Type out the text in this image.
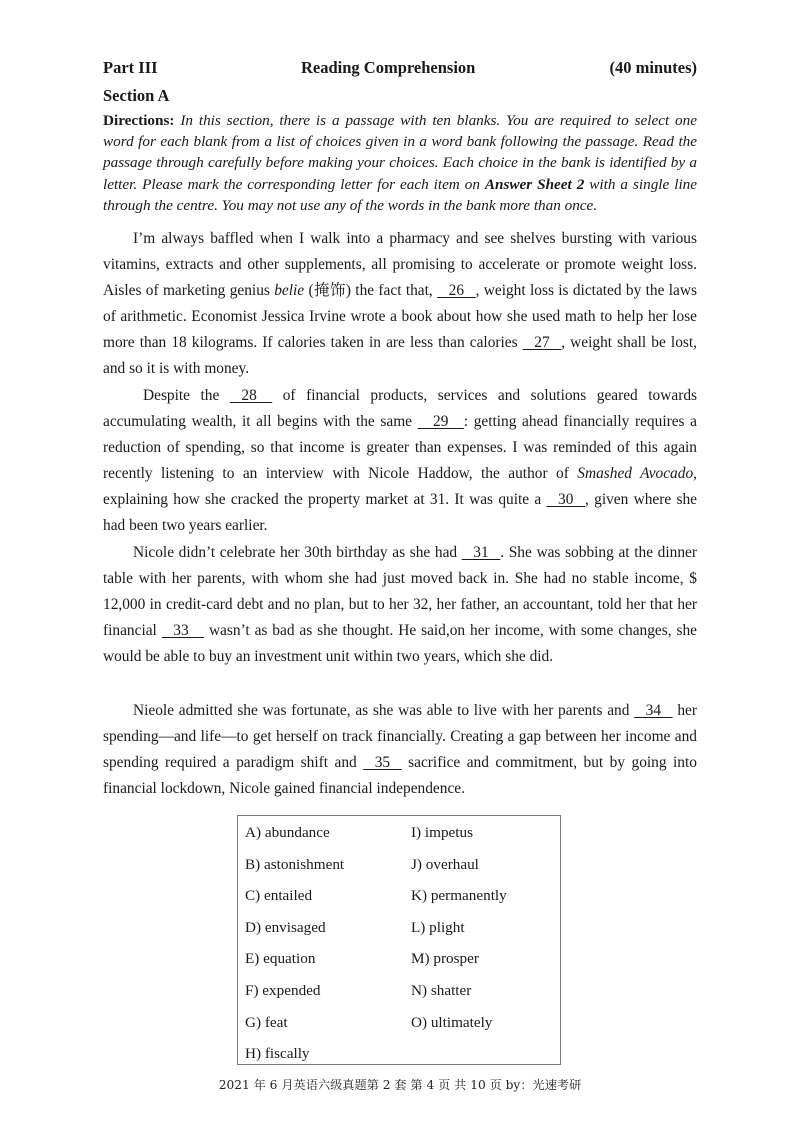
Part III	Reading Comprehension	(40 minutes)
Section A
Directions: In this section, there is a passage with ten blanks. You are required to select one word for each blank from a list of choices given in a word bank following the passage. Read the passage through carefully before making your choices. Each choice in the bank is identified by a letter. Please mark the corresponding letter for each item on Answer Sheet 2 with a single line through the centre. You may not use any of the words in the bank more than once.
I’m always baffled when I walk into a pharmacy and see shelves bursting with various vitamins, extracts and other supplements, all promising to accelerate or promote weight loss. Aisles of marketing genius belie (掩饰) the fact that,    26   , weight loss is dictated by the laws of arithmetic. Economist Jessica Irvine wrote a book about how she used math to help her lose more than 18 kilograms. If calories taken in are less than calories    27   , weight shall be lost, and so it is with money.
Despite the    28     of financial products, services and solutions geared towards accumulating wealth, it all begins with the same     29    : getting ahead financially requires a reduction of spending, so that income is greater than expenses. I was reminded of this again recently listening to an interview with Nicole Haddow, the author of Smashed Avocado, explaining how she cracked the property market at 31. It was quite a    30   , given where she had been two years earlier.
Nicole didn’t celebrate her 30th birthday as she had    31   . She was sobbing at the dinner table with her parents, with whom she had just moved back in. She had no stable income, $ 12,000 in credit-card debt and no plan, but to her 32, her father, an accountant, told her that her financial    33     wasn’t as bad as she thought. He said,on her income, with some changes, she would be able to buy an investment unit within two years, which she did.
Nieole admitted she was fortunate, as she was able to live with her parents and    34    her spending—and life—to get herself on track financially. Creating a gap between her income and spending required a paradigm shift and    35    sacrifice and commitment, but by going into financial lockdown, Nicole gained financial independence.
A) abundance
B) astonishment
C) entailed
D) envisaged
E) equation
F) expended
G) feat
H) fiscally
I) impetus
J) overhaul
K) permanently
L) plight
M) prosper
N) shatter
O) ultimately
2021 年 6 月英语六级真题第 2 套 第 4 页 共 10 页 by：光速考研
